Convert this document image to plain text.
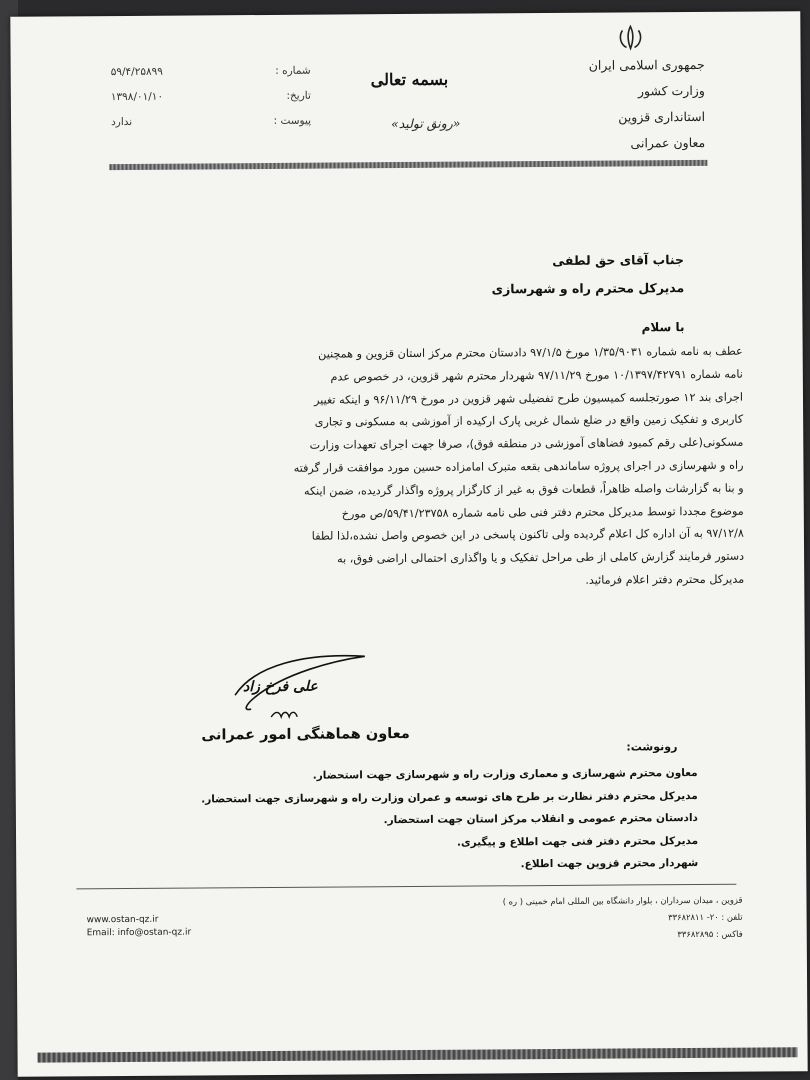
جمهوری اسلامی ایران
وزارت کشور
استانداری قزوین
معاون عمرانی
شماره :
۵۹/۴/۲۵۸۹۹
تاریخ:
۱۳۹۸/۰۱/۱۰
پیوست :
ندارد
بسمه تعالی
«رونق تولید»
جناب آقای حق لطفی
مدیرکل محترم راه و شهرسازی
با سلام

عطف به نامه شماره ۱/۳۵/۹۰۳۱ مورخ ۹۷/۱/۵ دادستان محترم مرکز استان قزوین و همچنین

نامه شماره ۱۰/۱۳۹۷/۴۲۷۹۱ مورخ ۹۷/۱۱/۲۹ شهردار محترم شهر قزوین، در خصوص عدم

اجرای بند ۱۲ صورتجلسه کمیسیون طرح تفضیلی شهر قزوین در مورخ ۹۶/۱۱/۲۹ و اینکه تغییر

کاربری و تفکیک زمین واقع در ضلع شمال غربی پارک ارکیده از آموزشی به مسکونی و تجاری

مسکونی(علی رقم کمبود فضاهای آموزشی در منطقه فوق)، صرفا جهت اجرای تعهدات وزارت

راه و شهرسازی در اجرای پروژه ساماندهی بقعه متبرک امامزاده حسین مورد موافقت قرار گرفته

و بنا به گزارشات واصله ظاهراً، قطعات فوق به غیر از کارگزار پروژه واگذار گردیده، ضمن اینکه

موضوع مجددا توسط مدیرکل محترم دفتر فنی طی نامه شماره ۵۹/۴۱/۲۳۷۵۸/ص مورخ

۹۷/۱۲/۸ به آن اداره کل اعلام گردیده ولی تاکنون پاسخی در این خصوص واصل نشده،لذا لطفا

دستور فرمایند گزارش کاملی از طی مراحل تفکیک و یا واگذاری احتمالی اراضی فوق، به

مدیرکل محترم دفتر اعلام فرمائید.

علی فرخ زاد
معاون هماهنگی امور عمرانی
رونوشت:
معاون محترم شهرسازی و معماری وزارت راه و شهرسازی جهت استحضار.
مدیرکل محترم دفتر نظارت بر طرح های توسعه و عمران وزارت راه و شهرسازی جهت استحضار.
دادستان محترم عمومی و انقلاب مرکز استان جهت استحضار.
مدیرکل محترم دفتر فنی جهت اطلاع و پیگیری.
شهردار محترم قزوین جهت اطلاع.
قزوین ، میدان سرداران ، بلوار دانشگاه بین المللی امام خمینی ( ره )
تلفن : ۲۰- ۳۳۶۸۲۸۱۱
فاکس : ۳۳۶۸۲۸۹۵
www.ostan-qz.ir
Email: info@ostan-qz.ir
